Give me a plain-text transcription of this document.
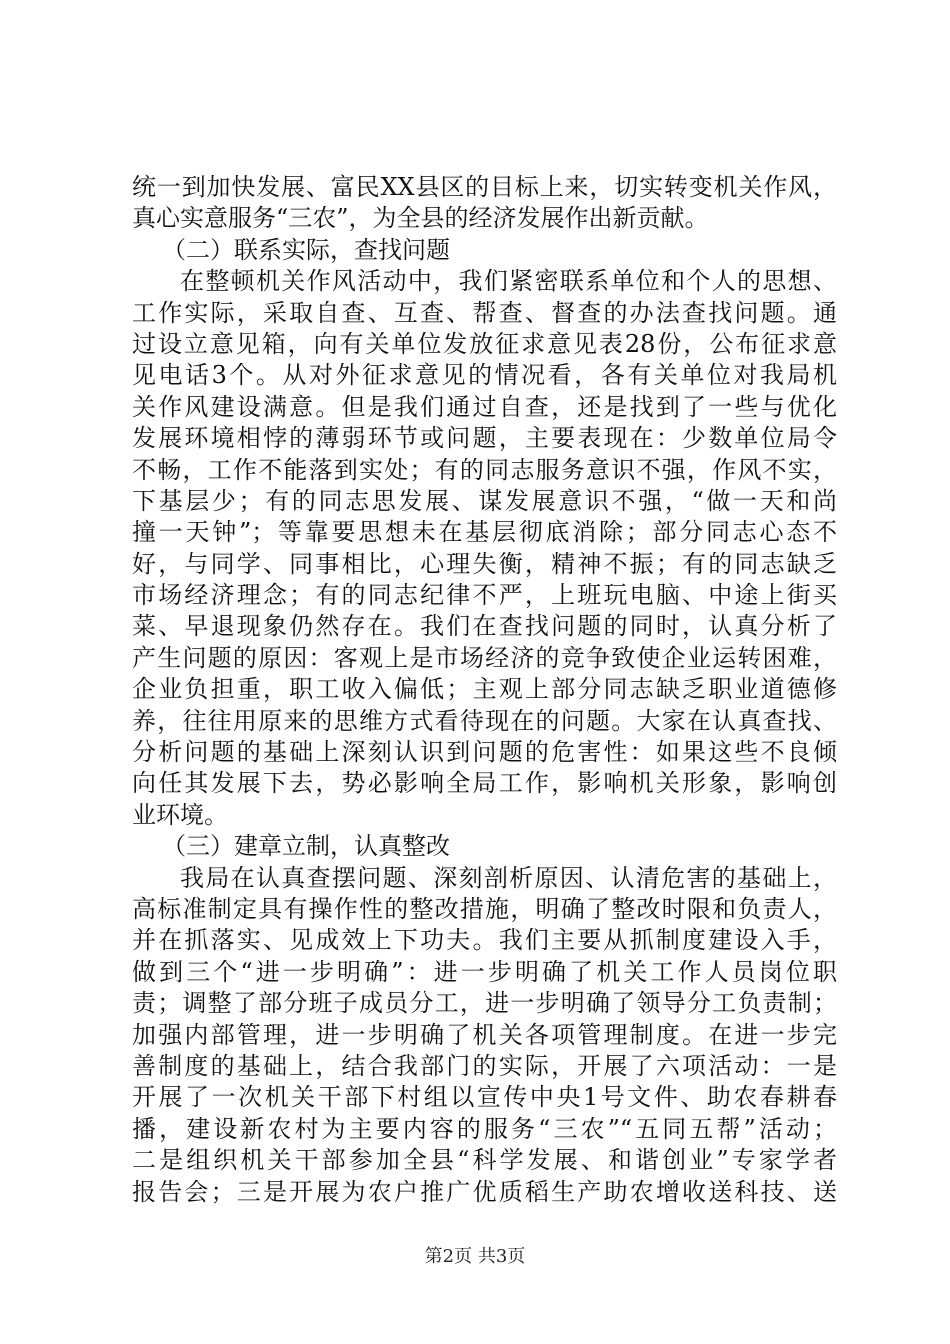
统一到加快发展、富民XX县区的目标上来，切实转变机关作风，
真心实意服务“三农”，为全县的经济发展作出新贡献。
（二）联系实际，查找问题
在整顿机关作风活动中，我们紧密联系单位和个人的思想、
工作实际，采取自查、互查、帮查、督查的办法查找问题。通
过设立意见箱，向有关单位发放征求意见表28份，公布征求意
见电话3个。从对外征求意见的情况看，各有关单位对我局机
关作风建设满意。但是我们通过自查，还是找到了一些与优化
发展环境相悖的薄弱环节或问题，主要表现在：少数单位局令
不畅，工作不能落到实处；有的同志服务意识不强，作风不实，
下基层少；有的同志思发展、谋发展意识不强，“做一天和尚
撞一天钟”；等靠要思想未在基层彻底消除；部分同志心态不
好，与同学、同事相比，心理失衡，精神不振；有的同志缺乏
市场经济理念；有的同志纪律不严，上班玩电脑、中途上街买
菜、早退现象仍然存在。我们在查找问题的同时，认真分析了
产生问题的原因：客观上是市场经济的竞争致使企业运转困难，
企业负担重，职工收入偏低；主观上部分同志缺乏职业道德修
养，往往用原来的思维方式看待现在的问题。大家在认真查找、
分析问题的基础上深刻认识到问题的危害性：如果这些不良倾
向任其发展下去，势必影响全局工作，影响机关形象，影响创
业环境。
（三）建章立制，认真整改
我局在认真查摆问题、深刻剖析原因、认清危害的基础上，
高标准制定具有操作性的整改措施，明确了整改时限和负责人，
并在抓落实、见成效上下功夫。我们主要从抓制度建设入手，
做到三个“进一步明确”：进一步明确了机关工作人员岗位职
责；调整了部分班子成员分工，进一步明确了领导分工负责制；
加强内部管理，进一步明确了机关各项管理制度。在进一步完
善制度的基础上，结合我部门的实际，开展了六项活动：一是
开展了一次机关干部下村组以宣传中央1号文件、助农春耕春
播，建设新农村为主要内容的服务“三农”“五同五帮”活动；
二是组织机关干部参加全县“科学发展、和谐创业”专家学者
报告会；三是开展为农户推广优质稻生产助农增收送科技、送
第2页 共3页
